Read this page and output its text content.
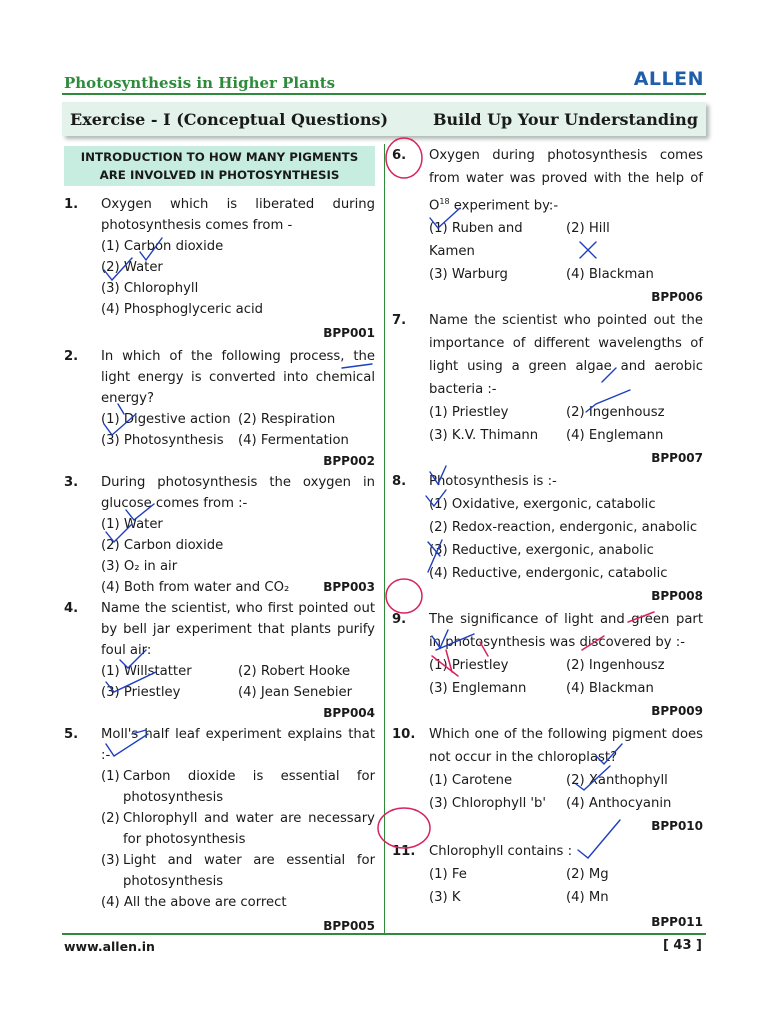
Photosynthesis in Higher Plants	ALLEN
Exercise - I (Conceptual Questions)	Build Up Your Understanding
INTRODUCTION TO HOW MANY PIGMENTS ARE INVOLVED IN PHOTOSYNTHESIS
1.	Oxygen which is liberated during photosynthesis comes from -
(1) Carbon dioxide
(2) Water
(3) Chlorophyll
(4) Phosphoglyceric acid
BPP001
2.	In which of the following process, the light energy is converted into chemical energy?
(1) Digestive action (2) Respiration
(3) Photosynthesis	(4) Fermentation
BPP002
3.	During photosynthesis the oxygen in glucose comes from :-
(1) Water
(2) Carbon dioxide
(3) O₂ in air
(4) Both from water and CO₂	BPP003
4.	Name the scientist, who first pointed out by bell jar experiment that plants purify foul air:
(1) Willstatter	(2) Robert Hooke
(3) Priestley	(4) Jean Senebier
BPP004
5.	Moll's half leaf experiment explains that :-
(1) Carbon dioxide is essential for photosynthesis
(2) Chlorophyll and water are necessary for photosynthesis
(3) Light and water are essential for photosynthesis
(4) All the above are correct
BPP005
6.	Oxygen during photosynthesis comes from water was proved with the help of $O^{18}$ experiment by:-
(1) Ruben and Kamen
(2) Hill
(3) Warburg	(4) Blackman
BPP006
7.	Name the scientist who pointed out the importance of different wavelengths of light using a green algae and aerobic bacteria :-
(1) Priestley	(2) Ingenhousz
(3) K.V. Thimann	(4) Englemann
BPP007
8.	Photosynthesis is :-
(1) Oxidative, exergonic, catabolic
(2) Redox-reaction, endergonic, anabolic
(3) Reductive, exergonic, anabolic
(4) Reductive, endergonic, catabolic
BPP008
9.	The significance of light and green part in photosynthesis was discovered by :-
(1) Priestley	(2) Ingenhousz
(3) Englemann	(4) Blackman
BPP009
10.	Which one of the following pigment does not occur in the chloroplast?
(1) Carotene	(2) Xanthophyll
(3) Chlorophyll 'b'	(4) Anthocyanin
BPP010
11.	Chlorophyll contains :
(1) Fe	(2) Mg
(3) K	(4) Mn
BPP011
www.allen.in	[ 43 ]
